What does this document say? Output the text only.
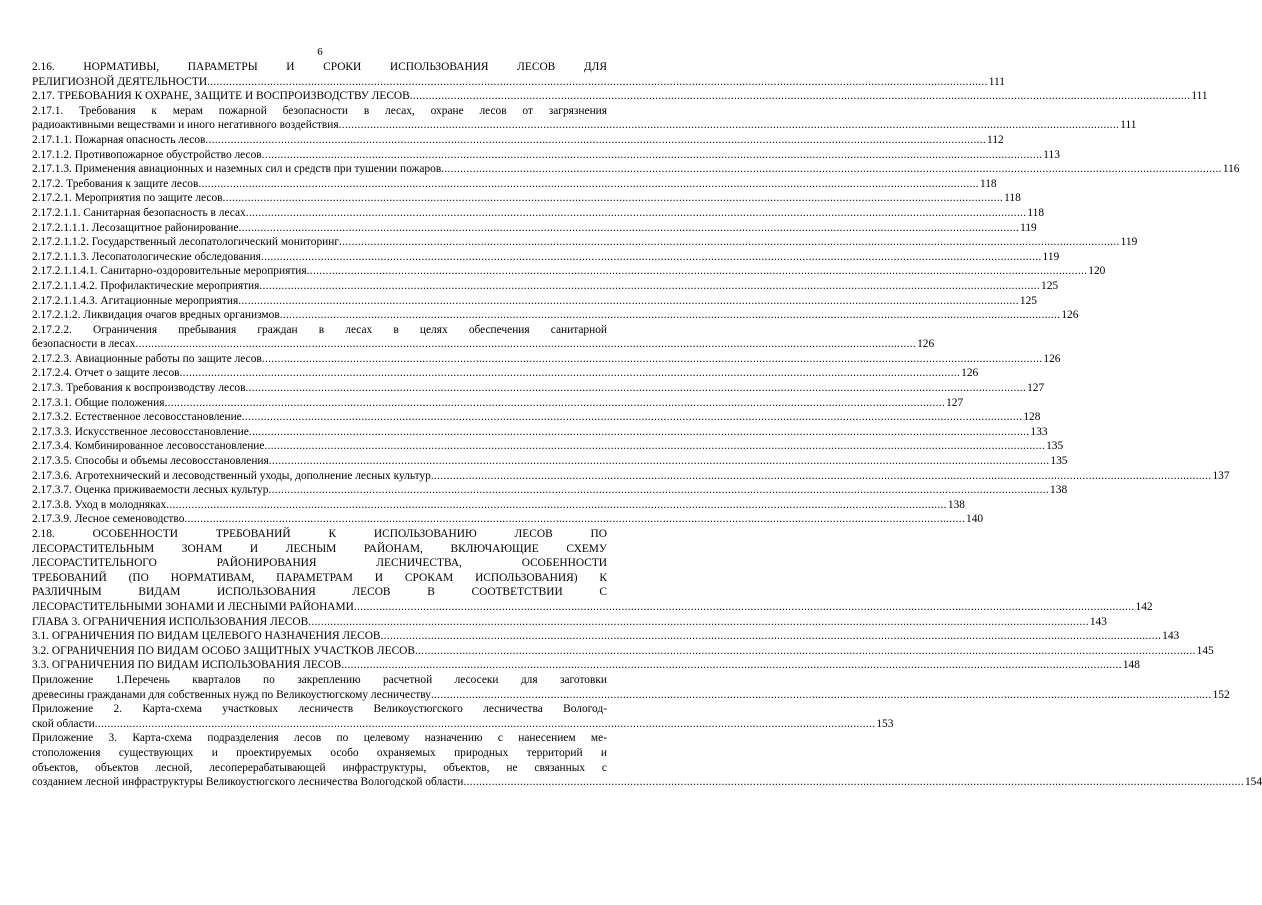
6
2.16. НОРМАТИВЫ, ПАРАМЕТРЫ И СРОКИ ИСПОЛЬЗОВАНИЯ ЛЕСОВ ДЛЯ
РЕЛИГИОЗНОЙ ДЕЯТЕЛЬНОСТИ .....	111
2.17. ТРЕБОВАНИЯ К ОХРАНЕ, ЗАЩИТЕ И ВОСПРОИЗВОДСТВУ ЛЕСОВ .....	111
2.17.1. Требования к мерам пожарной безопасности в лесах, охране лесов от загрязнения
радиоактивными веществами и иного негативного воздействия .....	111
2.17.1.1. Пожарная опасность лесов .....	112
2.17.1.2. Противопожарное обустройство лесов .....	113
2.17.1.3. Применения авиационных и наземных сил и средств при тушении пожаров .....	116
2.17.2. Требования к защите лесов .....	118
2.17.2.1. Мероприятия по защите лесов .....	118
2.17.2.1.1. Санитарная безопасность в лесах .....	118
2.17.2.1.1.1. Лесозащитное районирование .....	119
2.17.2.1.1.2. Государственный лесопатологический мониторинг .....	119
2.17.2.1.1.3. Лесопатологические обследования .....	119
2.17.2.1.1.4.1. Санитарно-оздоровительные мероприятия .....	120
2.17.2.1.1.4.2. Профилактические мероприятия .....	125
2.17.2.1.1.4.3. Агитационные мероприятия .....	125
2.17.2.1.2. Ликвидация очагов вредных организмов .....	126
2.17.2.2. Ограничения пребывания граждан в лесах в целях обеспечения санитарной
безопасности в лесах .....	126
2.17.2.3. Авиационные работы по защите лесов .....	126
2.17.2.4. Отчет о защите лесов .....	126
2.17.3. Требования к воспроизводству лесов .....	127
2.17.3.1. Общие положения .....	127
2.17.3.2. Естественное лесовосстановление .....	128
2.17.3.3. Искусственное лесовосстановление .....	133
2.17.3.4. Комбинированное лесовосстановление .....	135
2.17.3.5. Способы и объемы лесовосстановления .....	135
2.17.3.6. Агротехнический и лесоводственный уходы, дополнение лесных культур .....	137
2.17.3.7. Оценка приживаемости лесных культур .....	138
2.17.3.8. Уход в молодняках .....	138
2.17.3.9. Лесное семеноводство .....	140
2.18. ОСОБЕННОСТИ ТРЕБОВАНИЙ К ИСПОЛЬЗОВАНИЮ ЛЕСОВ ПО
ЛЕСОРАСТИТЕЛЬНЫМ ЗОНАМ И ЛЕСНЫМ РАЙОНАМ, ВКЛЮЧАЮЩИЕ СХЕМУ
ЛЕСОРАСТИТЕЛЬНОГО РАЙОНИРОВАНИЯ ЛЕСНИЧЕСТВА, ОСОБЕННОСТИ
ТРЕБОВАНИЙ (ПО НОРМАТИВАМ, ПАРАМЕТРАМ И СРОКАМ ИСПОЛЬЗОВАНИЯ) К
РАЗЛИЧНЫМ ВИДАМ ИСПОЛЬЗОВАНИЯ ЛЕСОВ В СООТВЕТСТВИИ С
ЛЕСОРАСТИТЕЛЬНЫМИ ЗОНАМИ И ЛЕСНЫМИ РАЙОНАМИ .....	142
ГЛАВА 3. ОГРАНИЧЕНИЯ ИСПОЛЬЗОВАНИЯ ЛЕСОВ .....	143
3.1. ОГРАНИЧЕНИЯ ПО ВИДАМ ЦЕЛЕВОГО НАЗНАЧЕНИЯ ЛЕСОВ .....	143
3.2. ОГРАНИЧЕНИЯ ПО ВИДАМ ОСОБО ЗАЩИТНЫХ УЧАСТКОВ ЛЕСОВ .....	145
3.3. ОГРАНИЧЕНИЯ ПО ВИДАМ ИСПОЛЬЗОВАНИЯ ЛЕСОВ .....	148
Приложение 1.Перечень кварталов по закреплению расчетной лесосеки для заготовки
древесины гражданами для собственных нужд по Великоустюгскому лесничеству .....	152
Приложение 2. Карта-схема участковых лесничеств Великоустюгского лесничества Вологод-
ской области .....	153
Приложение 3. Карта-схема подразделения лесов по целевому назначению с нанесением ме-
стоположения существующих и проектируемых особо охраняемых природных территорий и
объектов, объектов лесной, лесоперерабатывающей инфраструктуры, объектов, не связанных с
созданием лесной инфраструктуры Великоустюгского лесничества Вологодской области .....	154
